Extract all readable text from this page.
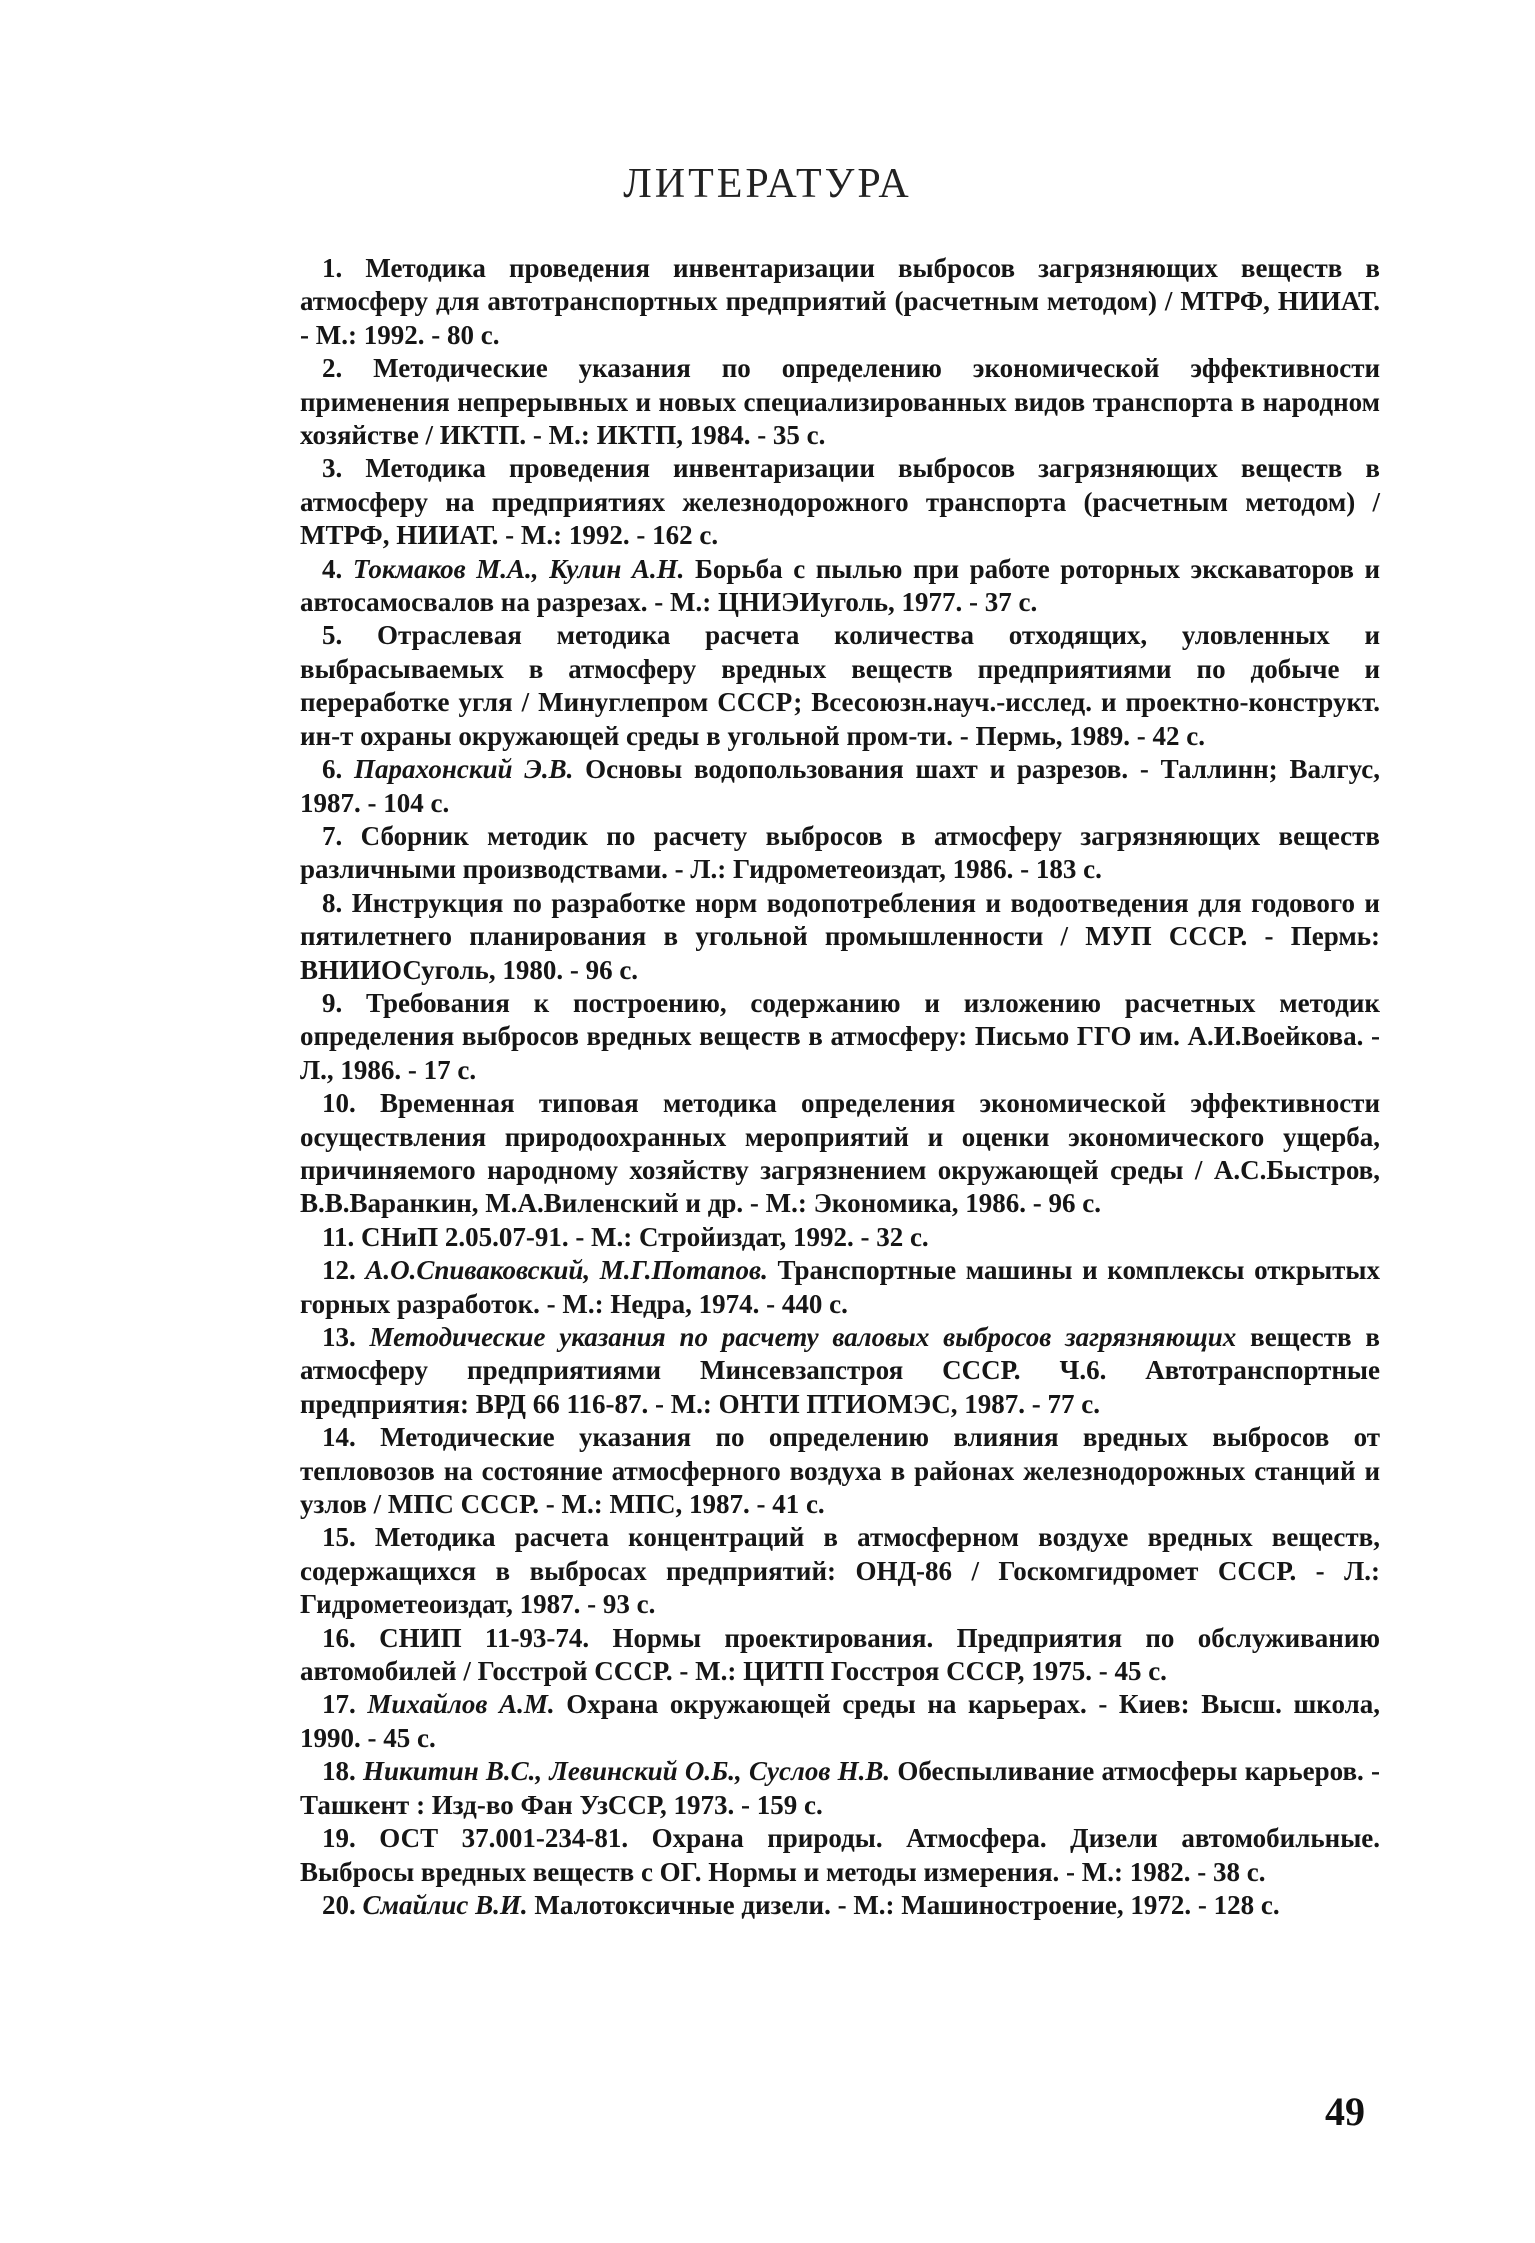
ЛИТЕРАТУРА

1. Методика проведения инвентаризации выбросов загрязняющих веществ в атмосферу для автотранспортных предприятий (расчетным методом) / МТРФ, НИИАТ. - М.: 1992. - 80 с.

2. Методические указания по определению экономической эффективности применения непрерывных и новых специализированных видов транспорта в народном хозяйстве / ИКТП. - М.: ИКТП, 1984. - 35 с.

3. Методика проведения инвентаризации выбросов загрязняющих веществ в атмосферу на предприятиях железнодорожного транспорта (расчетным методом) / МТРФ, НИИАТ. - М.: 1992. - 162 с.

4. Токмаков М.А., Кулин А.Н. Борьба с пылью при работе роторных экскаваторов и автосамосвалов на разрезах. - М.: ЦНИЭИуголь, 1977. - 37 с.

5. Отраслевая методика расчета количества отходящих, уловленных и выбрасываемых в атмосферу вредных веществ предприятиями по добыче и переработке угля / Минуглепром СССР; Всесоюзн.науч.-исслед. и проектно-конструкт. ин-т охраны окружающей среды в угольной пром-ти. - Пермь, 1989. - 42 с.

6. Парахонский Э.В. Основы водопользования шахт и разрезов. - Таллинн; Валгус, 1987. - 104 с.

7. Сборник методик по расчету выбросов в атмосферу загрязняющих веществ различными производствами. - Л.: Гидрометеоиздат, 1986. - 183 с.

8. Инструкция по разработке норм водопотребления и водоотведения для годового и пятилетнего планирования в угольной промышленности / МУП СССР. - Пермь: ВНИИОСуголь, 1980. - 96 с.

9. Требования к построению, содержанию и изложению расчетных методик определения выбросов вредных веществ в атмосферу: Письмо ГГО им. А.И.Воейкова. - Л., 1986. - 17 с.

10. Временная типовая методика определения экономической эффективности осуществления природоохранных мероприятий и оценки экономического ущерба, причиняемого народному хозяйству загрязнением окружающей среды / А.С.Быстров, В.В.Варанкин, М.А.Виленский и др. - М.: Экономика, 1986. - 96 с.

11. СНиП 2.05.07-91. - М.: Стройиздат, 1992. - 32 с.

12. А.О.Спиваковский, М.Г.Потапов. Транспортные машины и комплексы открытых горных разработок. - М.: Недра, 1974. - 440 с.

13. Методические указания по расчету валовых выбросов загрязняющих веществ в атмосферу предприятиями Минсевзапстроя СССР. Ч.6. Автотранспортные предприятия: ВРД 66 116-87. - М.: ОНТИ ПТИОМЭС, 1987. - 77 с.

14. Методические указания по определению влияния вредных выбросов от тепловозов на состояние атмосферного воздуха в районах железнодорожных станций и узлов / МПС СССР. - М.: МПС, 1987. - 41 с.

15. Методика расчета концентраций в атмосферном воздухе вредных веществ, содержащихся в выбросах предприятий: ОНД-86 / Госкомгидромет СССР. - Л.: Гидрометеоиздат, 1987. - 93 с.

16. СНИП 11-93-74. Нормы проектирования. Предприятия по обслуживанию автомобилей / Госстрой СССР. - М.: ЦИТП Госстроя СССР, 1975. - 45 с.

17. Михайлов А.М. Охрана окружающей среды на карьерах. - Киев: Высш. школа, 1990. - 45 с.

18. Никитин В.С., Левинский О.Б., Суслов Н.В. Обеспыливание атмосферы карьеров. - Ташкент : Изд-во Фан УзССР, 1973. - 159 с.

19. ОСТ 37.001-234-81. Охрана природы. Атмосфера. Дизели автомобильные. Выбросы вредных веществ с ОГ. Нормы и методы измерения. - М.: 1982. - 38 с.

20. Смайлис В.И. Малотоксичные дизели. - М.: Машиностроение, 1972. - 128 с.

49
